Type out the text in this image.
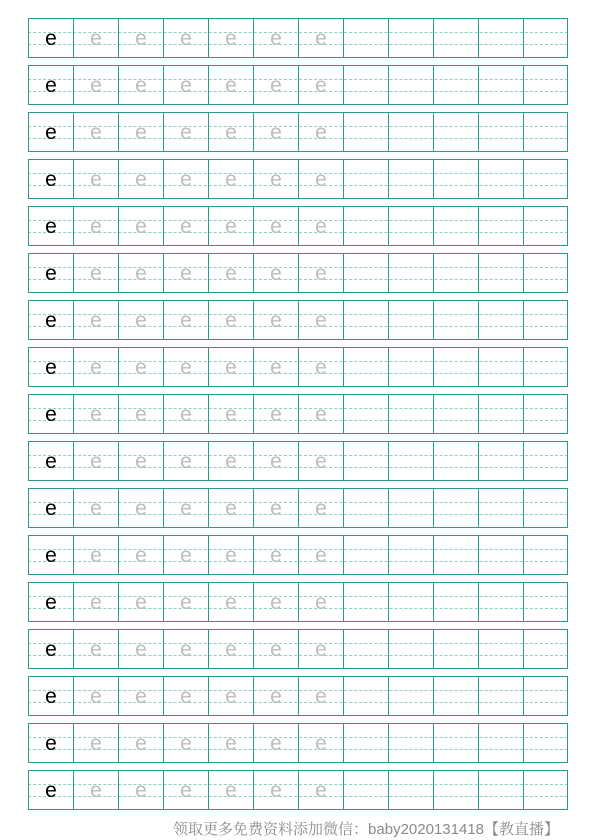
e e e e e e e
e e e e e e e
e e e e e e e
e e e e e e e
e e e e e e e
e e e e e e e
e e e e e e e
e e e e e e e
e e e e e e e
e e e e e e e
e e e e e e e
e e e e e e e
e e e e e e e
e e e e e e e
e e e e e e e
e e e e e e e
e e e e e e e
领取更多免费资料添加微信：baby2020131418【教直播】
